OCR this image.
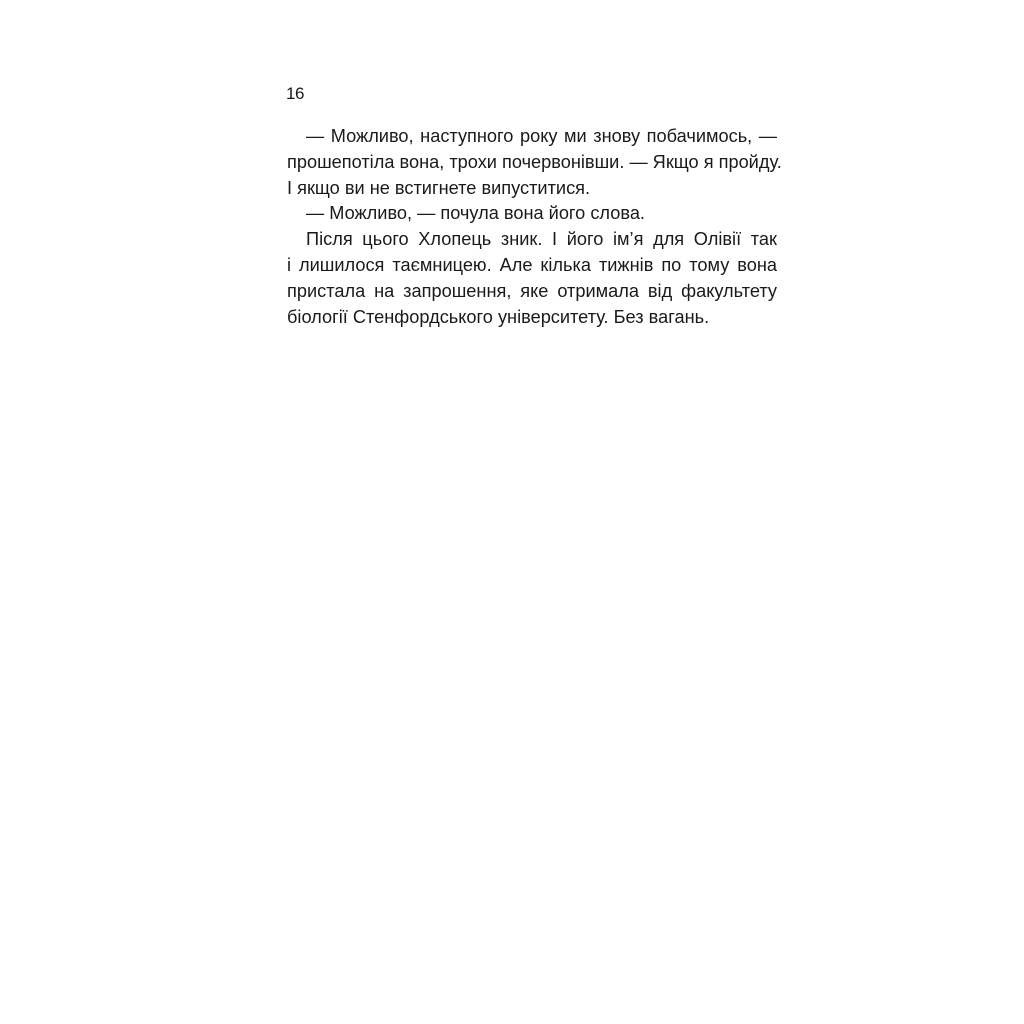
16
— Можливо, наступного року ми знову побачимось, —
прошепотіла вона, трохи почервонівши. — Якщо я пройду.
І якщо ви не встигнете випуститися.
— Можливо, — почула вона його слова.
Після цього Хлопець зник. І його ім’я для Олівії так
і лишилося таємницею. Але кілька тижнів по тому вона
пристала на запрошення, яке отримала від факультету
біології Стенфордського університету. Без вагань.
